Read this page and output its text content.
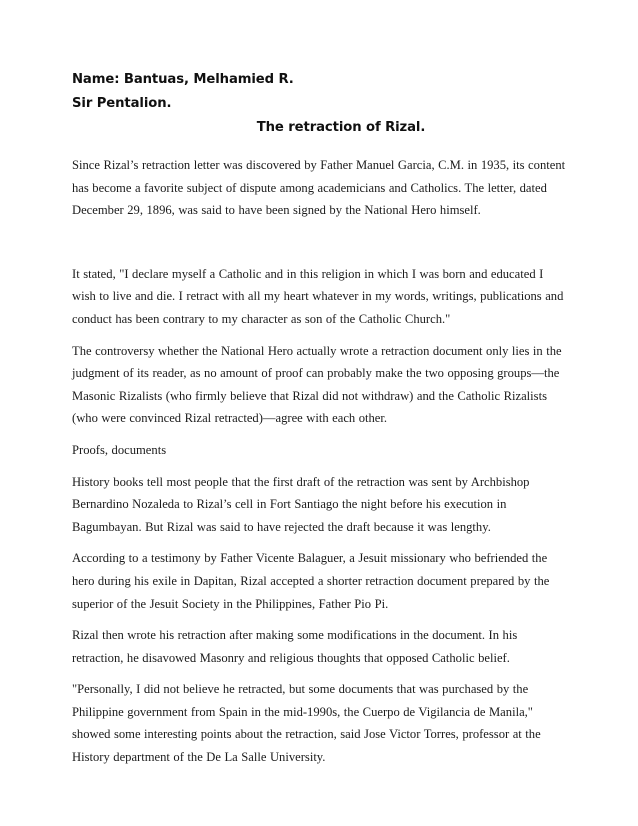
Name: Bantuas, Melhamied R.

Sir Pentalion.

The retraction of Rizal.

Since Rizal’s retraction letter was discovered by Father Manuel Garcia, C.M. in 1935, its content has become a favorite subject of dispute among academicians and Catholics. The letter, dated December 29, 1896, was said to have been signed by the National Hero himself.

It stated, "I declare myself a Catholic and in this religion in which I was born and educated I wish to live and die. I retract with all my heart whatever in my words, writings, publications and conduct has been contrary to my character as son of the Catholic Church."

The controversy whether the National Hero actually wrote a retraction document only lies in the judgment of its reader, as no amount of proof can probably make the two opposing groups—the Masonic Rizalists (who firmly believe that Rizal did not withdraw) and the Catholic Rizalists (who were convinced Rizal retracted)—agree with each other.

Proofs, documents

History books tell most people that the first draft of the retraction was sent by Archbishop Bernardino Nozaleda to Rizal’s cell in Fort Santiago the night before his execution in Bagumbayan. But Rizal was said to have rejected the draft because it was lengthy.

According to a testimony by Father Vicente Balaguer, a Jesuit missionary who befriended the hero during his exile in Dapitan, Rizal accepted a shorter retraction document prepared by the superior of the Jesuit Society in the Philippines, Father Pio Pi.

Rizal then wrote his retraction after making some modifications in the document. In his retraction, he disavowed Masonry and religious thoughts that opposed Catholic belief.

"Personally, I did not believe he retracted, but some documents that was purchased by the Philippine government from Spain in the mid-1990s, the Cuerpo de Vigilancia de Manila," showed some interesting points about the retraction, said Jose Victor Torres, professor at the History department of the De La Salle University.
